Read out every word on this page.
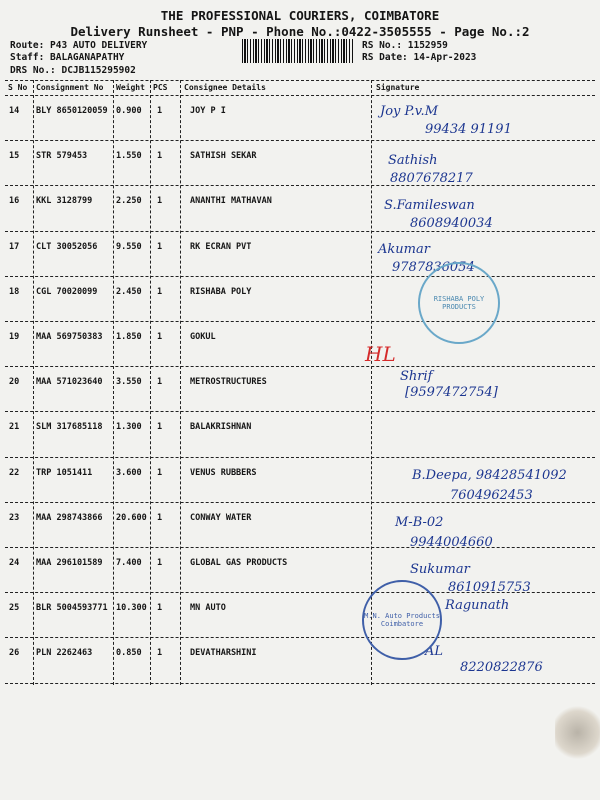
THE PROFESSIONAL COURIERS, COIMBATORE
Delivery Runsheet - PNP - Phone No.:0422-3505555 - Page No.:2
Route: P43 AUTO DELIVERY
Staff: BALAGANAPATHY
DRS No.: DCJB115295902
RS No.: 1152959
RS Date: 14-Apr-2023
S No Consignment No Weight PCS Consignee Details	Signature
14 BLY 8650120059 0.900 1	JOY P I	Joy P.v.M
99434 91191
15 STR 579453	1.550 1	SATHISH SEKAR	Sathish
8807678217
16 KKL 3128799	2.250 1	ANANTHI MATHAVAN	S.Famileswan
8608940034
17 CLT 30052056 9.550 1	RK ECRAN PVT	Akumar
9787836054
18 CGL 70020099 2.450 1	RISHABA POLY
19 MAA 569750383 1.850 1	GOKUL
20 MAA 571023640 3.550 1	METROSTRUCTURES	Shrif
[9597472754]
21 SLM 317685118 1.300 1	BALAKRISHNAN
22 TRP 1051411	3.600 1	VENUS RUBBERS	B.Deepa, 98428541092
7604962453
23 MAA 298743866 20.600 1	CONWAY WATER	M-B-02
9944004660
24 MAA 296101589 7.400 1	GLOBAL GAS PRODUCTS	Sukumar
8610915753
25 BLR 5004593771 10.300 1	MN AUTO	Ragunath
26 PLN 2262463	0.850 1	DEVATHARSHINI	AL
8220822876
RISHABA POLY PRODUCTS
M.N. Auto Products Coimbatore
HL
